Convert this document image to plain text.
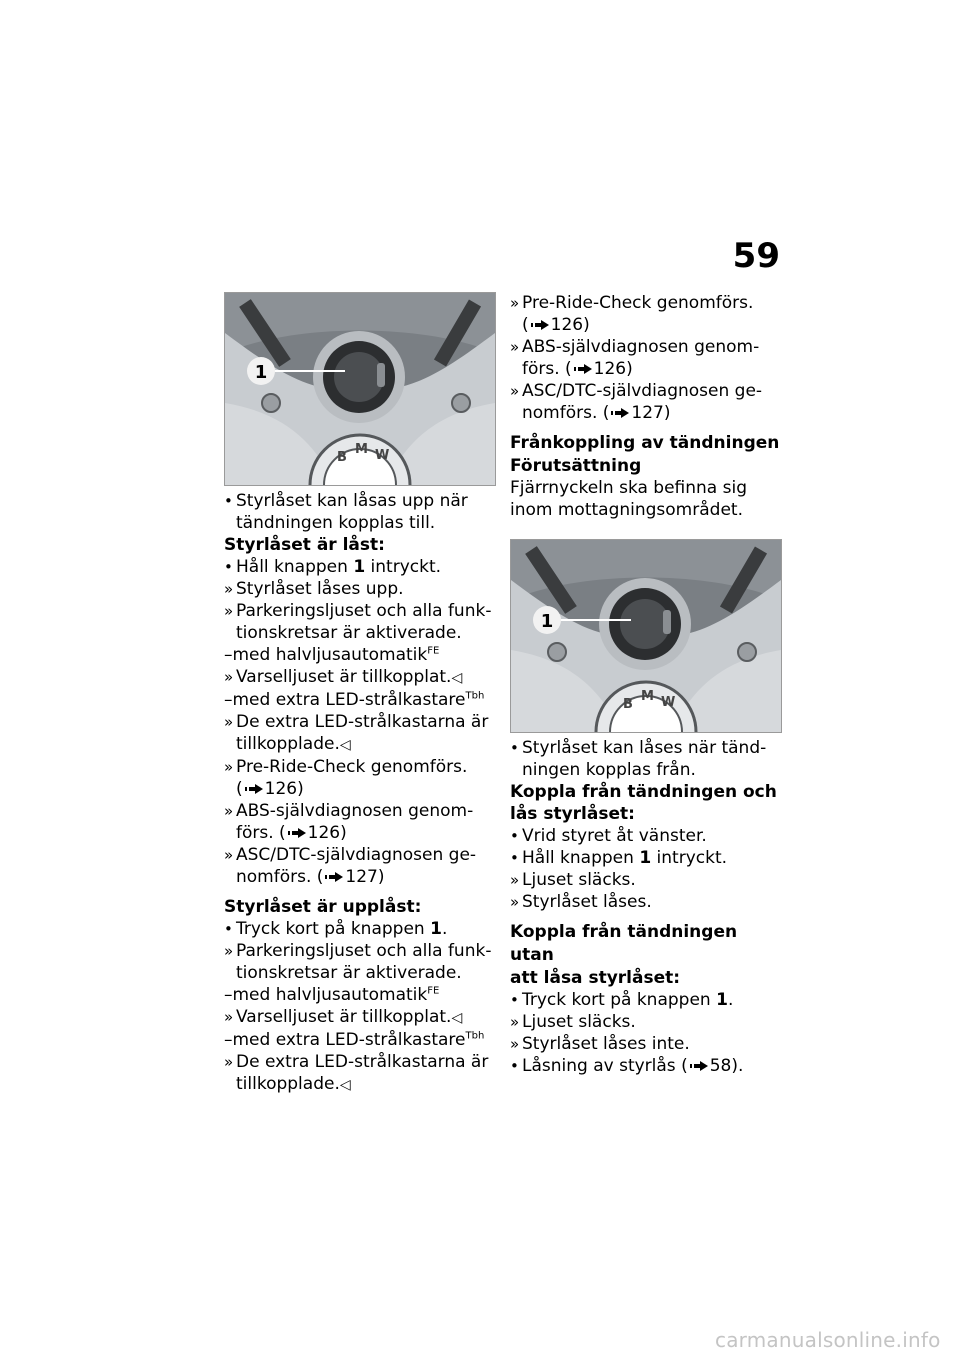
59
1
B
M W
• Styrlåset kan låsas upp när
tändningen kopplas till.
Styrlåset är låst:
• Håll knappen 1 intryckt.
» Styrlåset låses upp.
» Parkeringsljuset och alla funk-
tionskretsar är aktiverade.
–med halvljusautomatik$^{FE}$
» Varselljuset är tillkopplat.◁
–med extra LED-strålkastare$^{Tbh}$
» De extra LED-strålkastarna är
tillkopplade.◁
» Pre-Ride-Check genomförs.
( 126)
» ABS-självdiagnosen genom-
förs. ( 126)
» ASC/DTC-självdiagnosen ge-
nomförs. ( 127)
Styrlåset är upplåst:
• Tryck kort på knappen 1.
» Parkeringsljuset och alla funk-
tionskretsar är aktiverade.
–med halvljusautomatik$^{FE}$
» Varselljuset är tillkopplat.◁
–med extra LED-strålkastare$^{Tbh}$
» De extra LED-strålkastarna är
tillkopplade.◁
» Pre-Ride-Check genomförs.
( 126)
» ABS-självdiagnosen genom-
förs. ( 126)
» ASC/DTC-självdiagnosen ge-
nomförs. ( 127)
Frånkoppling av tändningen
Förutsättning
Fjärrnyckeln ska befinna sig
inom mottagningsområdet.
1
B
M W
• Styrlåset kan låses när tänd-
ningen kopplas från.
Koppla från tändningen och
lås styrlåset:
• Vrid styret åt vänster.
• Håll knappen 1 intryckt.
» Ljuset släcks.
» Styrlåset låses.
Koppla från tändningen utan
att låsa styrlåset:
• Tryck kort på knappen 1.
» Ljuset släcks.
» Styrlåset låses inte.
• Låsning av styrlås ( 58).
carmanualsonline.info
